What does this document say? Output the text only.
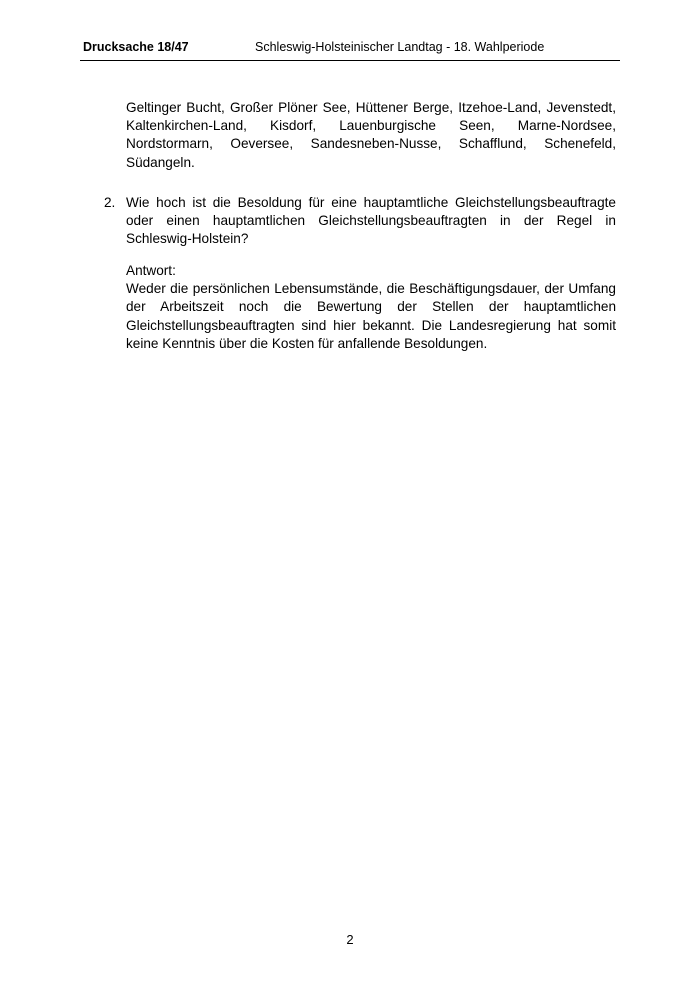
Drucksache 18/47	Schleswig-Holsteinischer Landtag - 18. Wahlperiode
Geltinger Bucht, Großer Plöner See, Hüttener Berge, Itzehoe-Land, Jevenstedt, Kaltenkirchen-Land, Kisdorf, Lauenburgische Seen, Marne-Nordsee, Nordstormarn, Oeversee, Sandesneben-Nusse, Schafflund, Schenefeld, Südangeln.
2. Wie hoch ist die Besoldung für eine hauptamtliche Gleichstellungsbeauftragte oder einen hauptamtlichen Gleichstellungsbeauftragten in der Regel in Schleswig-Holstein?
Antwort:
Weder die persönlichen Lebensumstände, die Beschäftigungsdauer, der Umfang der Arbeitszeit noch die Bewertung der Stellen der hauptamtlichen Gleichstellungsbeauftragten sind hier bekannt. Die Landesregierung hat somit keine Kenntnis über die Kosten für anfallende Besoldungen.
2
